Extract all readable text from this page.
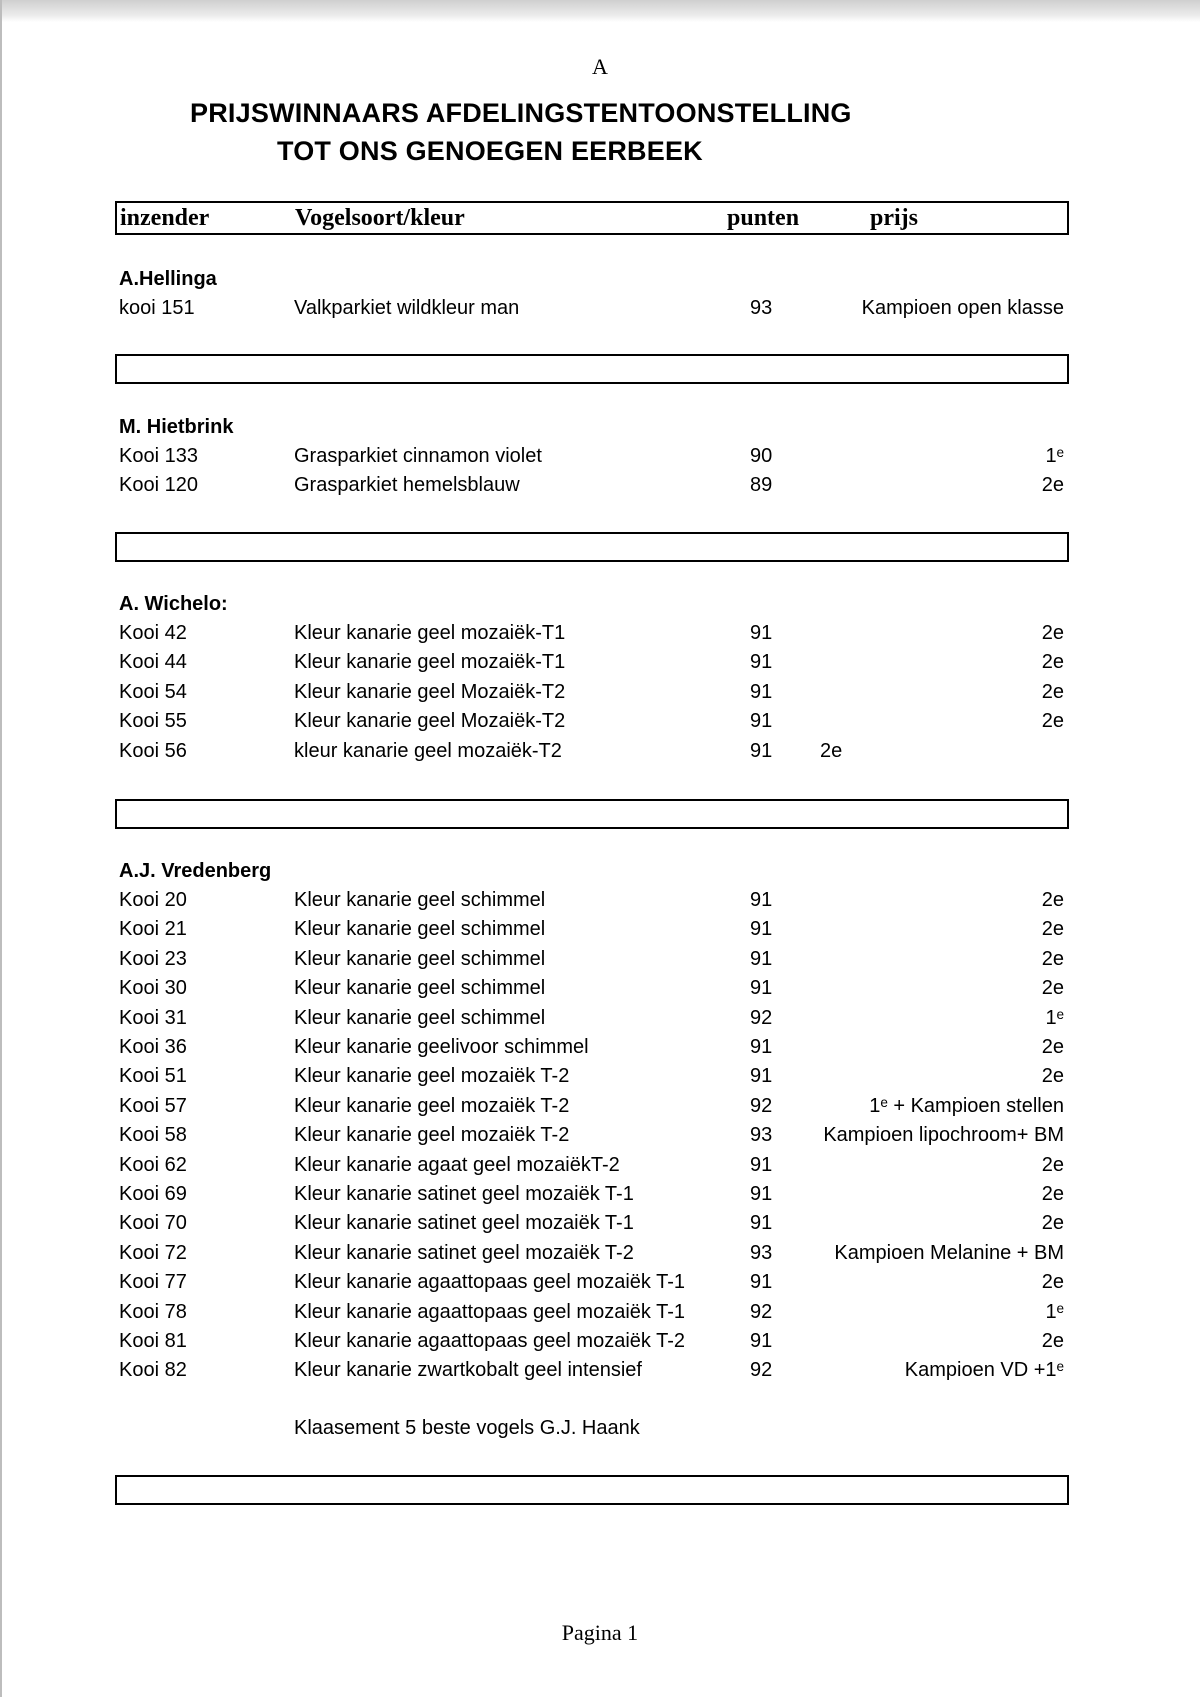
A
PRIJSWINNAARS AFDELINGSTENTOONSTELLING
TOT ONS GENOEGEN EERBEEK
inzender	Vogelsoort/kleur	punten	prijs
A.Hellinga
kooi 151	Valkparkiet wildkleur man	93	Kampioen open klasse
M. Hietbrink
Kooi 133	Grasparkiet cinnamon violet	90	1ᵉ
Kooi 120	Grasparkiet hemelsblauw	89	2e
A. Wichelo:
Kooi 42	Kleur kanarie geel mozaiëk-T1	91	2e
Kooi 44	Kleur kanarie geel mozaiëk-T1	91	2e
Kooi 54	Kleur kanarie geel Mozaiëk-T2	91	2e
Kooi 55	Kleur kanarie geel Mozaiëk-T2	91	2e
Kooi 56	kleur kanarie geel mozaiëk-T2	91 2e
A.J. Vredenberg
Kooi 20	Kleur kanarie geel schimmel	91	2e
Kooi 21	Kleur kanarie geel schimmel	91	2e
Kooi 23	Kleur kanarie geel schimmel	91	2e
Kooi 30	Kleur kanarie geel schimmel	91	2e
Kooi 31	Kleur kanarie geel schimmel	92	1ᵉ
Kooi 36	Kleur kanarie geelivoor schimmel	91	2e
Kooi 51	Kleur kanarie geel mozaiëk T-2	91	2e
Kooi 57	Kleur kanarie geel mozaiëk T-2	92	1ᵉ + Kampioen stellen
Kooi 58	Kleur kanarie geel mozaiëk T-2	93	Kampioen lipochroom+ BM
Kooi 62	Kleur kanarie agaat geel mozaiëkT-2	91	2e
Kooi 69	Kleur kanarie satinet geel mozaiëk T-1	91	2e
Kooi 70	Kleur kanarie satinet geel mozaiëk T-1	91	2e
Kooi 72	Kleur kanarie satinet geel mozaiëk T-2	93	Kampioen Melanine + BM
Kooi 77	Kleur kanarie agaattopaas geel mozaiëk T-1	91	2e
Kooi 78	Kleur kanarie agaattopaas geel mozaiëk T-1	92	1ᵉ
Kooi 81	Kleur kanarie agaattopaas geel mozaiëk T-2	91	2e
Kooi 82	Kleur kanarie zwartkobalt geel intensief	92	Kampioen VD +1ᵉ
Klaasement 5 beste vogels G.J. Haank
Pagina 1
